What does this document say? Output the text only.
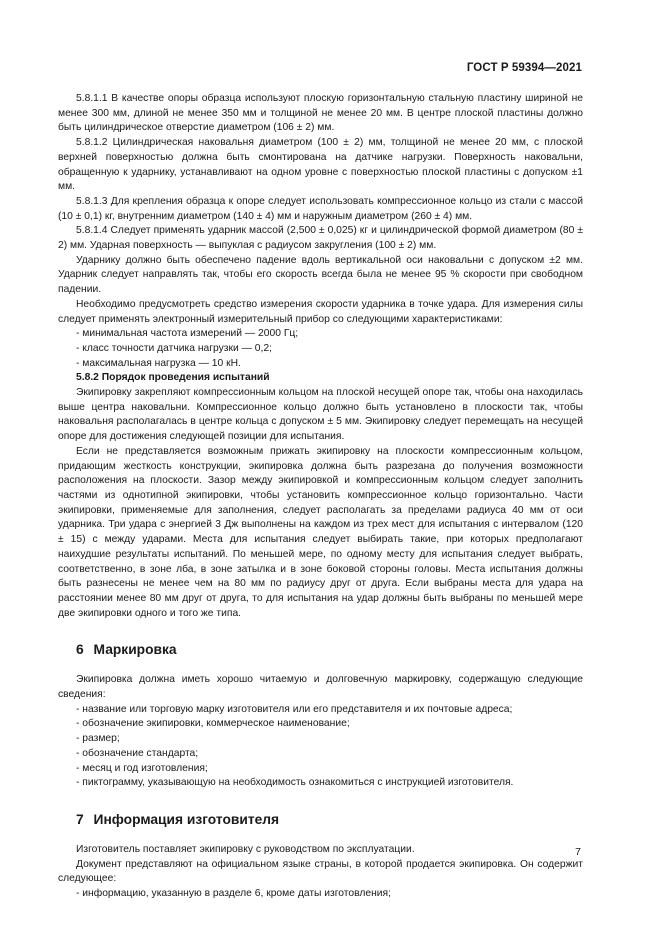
ГОСТ Р 59394—2021

5.8.1.1 В качестве опоры образца используют плоскую горизонтальную стальную пластину шириной не менее 300 мм, длиной не менее 350 мм и толщиной не менее 20 мм. В центре плоской пластины должно быть цилиндрическое отверстие диаметром (106 ± 2) мм.

5.8.1.2 Цилиндрическая наковальня диаметром (100 ± 2) мм, толщиной не менее 20 мм, с плоской верхней поверхностью должна быть смонтирована на датчике нагрузки. Поверхность наковальни, обращенную к ударнику, устанавливают на одном уровне с поверхностью плоской пластины с допуском ±1 мм.

5.8.1.3 Для крепления образца к опоре следует использовать компрессионное кольцо из стали с массой (10 ± 0,1) кг, внутренним диаметром (140 ± 4) мм и наружным диаметром (260 ± 4) мм.

5.8.1.4 Следует применять ударник массой (2,500 ± 0,025) кг и цилиндрической формой диаметром (80 ± 2) мм. Ударная поверхность — выпуклая с радиусом закругления (100 ± 2) мм.

Ударнику должно быть обеспечено падение вдоль вертикальной оси наковальни с допуском ±2 мм. Ударник следует направлять так, чтобы его скорость всегда была не менее 95 % скорости при свободном падении.

Необходимо предусмотреть средство измерения скорости ударника в точке удара. Для измерения силы следует применять электронный измерительный прибор со следующими характеристиками:

- минимальная частота измерений — 2000 Гц;
- класс точности датчика нагрузки — 0,2;
- максимальная нагрузка — 10 кН.
5.8.2 Порядок проведения испытаний

Экипировку закрепляют компрессионным кольцом на плоской несущей опоре так, чтобы она находилась выше центра наковальни. Компрессионное кольцо должно быть установлено в плоскости так, чтобы наковальня располагалась в центре кольца с допуском ± 5 мм. Экипировку следует перемещать на несущей опоре для достижения следующей позиции для испытания.

Если не представляется возможным прижать экипировку на плоскости компрессионным кольцом, придающим жесткость конструкции, экипировка должна быть разрезана до получения возможности расположения на плоскости. Зазор между экипировкой и компрессионным кольцом следует заполнить частями из однотипной экипировки, чтобы установить компрессионное кольцо горизонтально. Части экипировки, применяемые для заполнения, следует располагать за пределами радиуса 40 мм от оси ударника. Три удара с энергией 3 Дж выполнены на каждом из трех мест для испытания с интервалом (120 ± 15) с между ударами. Места для испытания следует выбирать такие, при которых предполагают наихудшие результаты испытаний. По меньшей мере, по одному месту для испытания следует выбрать, соответственно, в зоне лба, в зоне затылка и в зоне боковой стороны головы. Места испытания должны быть разнесены не менее чем на 80 мм по радиусу друг от друга. Если выбраны места для удара на расстоянии менее 80 мм друг от друга, то для испытания на удар должны быть выбраны по меньшей мере две экипировки одного и того же типа.

6 Маркировка

Экипировка должна иметь хорошо читаемую и долговечную маркировку, содержащую следующие сведения:

- название или торговую марку изготовителя или его представителя и их почтовые адреса;
- обозначение экипировки, коммерческое наименование;
- размер;
- обозначение стандарта;
- месяц и год изготовления;
- пиктограмму, указывающую на необходимость ознакомиться с инструкцией изготовителя.
7 Информация изготовителя

Изготовитель поставляет экипировку с руководством по эксплуатации.

Документ представляют на официальном языке страны, в которой продается экипировка. Он содержит следующее:

- информацию, указанную в разделе 6, кроме даты изготовления;
7
